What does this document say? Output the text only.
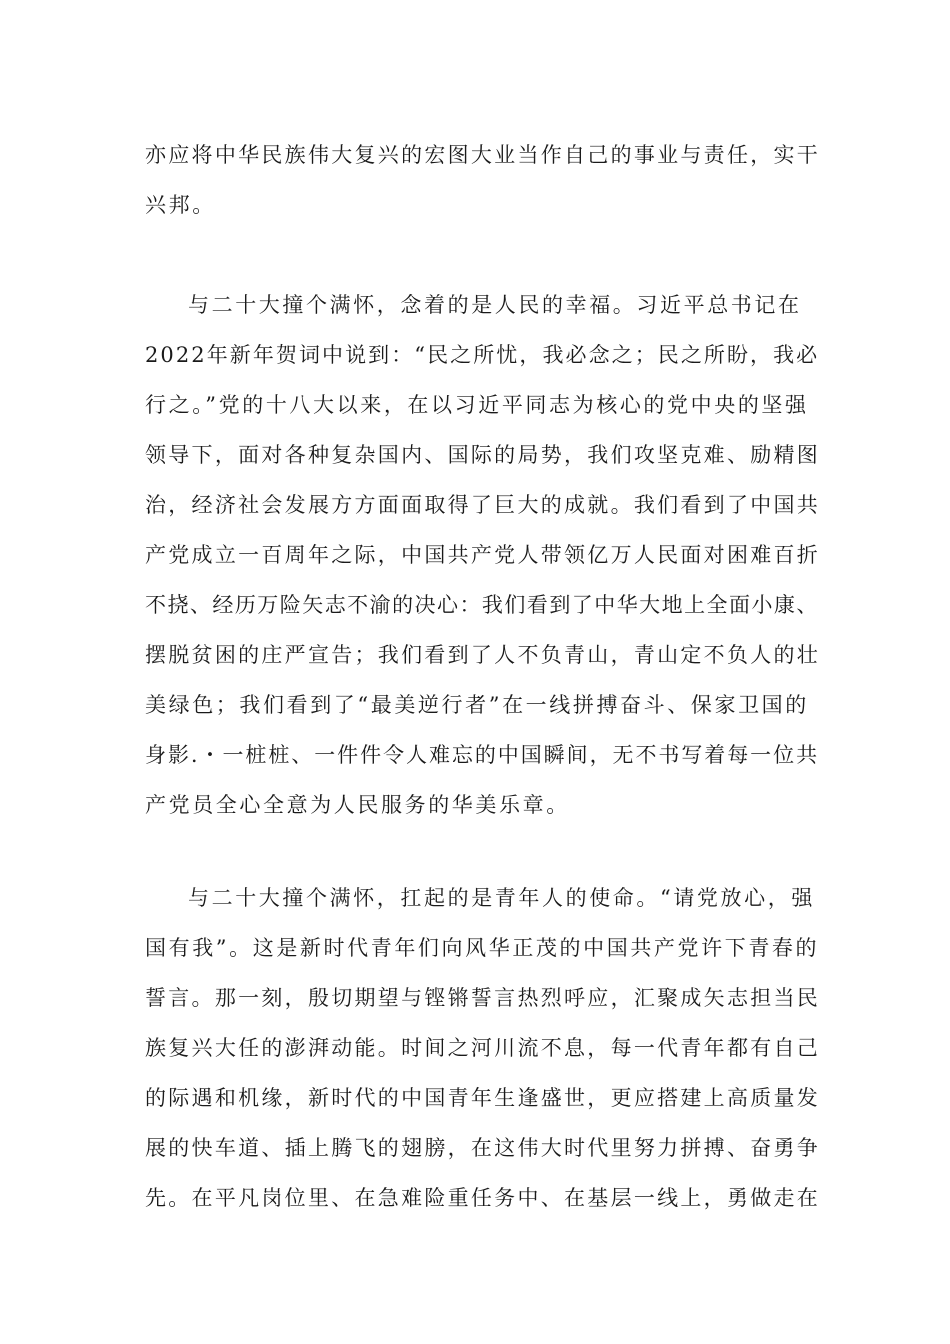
亦应将中华民族伟大复兴的宏图大业当作自己的事业与责任，实干

兴邦。

与二十大撞个满怀，念着的是人民的幸福。习近平总书记在

2022年新年贺词中说到：“民之所忧，我必念之；民之所盼，我必

行之。”党的十八大以来，在以习近平同志为核心的党中央的坚强

领导下，面对各种复杂国内、国际的局势，我们攻坚克难、励精图

治，经济社会发展方方面面取得了巨大的成就。我们看到了中国共

产党成立一百周年之际，中国共产党人带领亿万人民面对困难百折

不挠、经历万险矢志不渝的决心：我们看到了中华大地上全面小康、

摆脱贫困的庄严宣告；我们看到了人不负青山，青山定不负人的壮

美绿色；我们看到了“最美逆行者”在一线拼搏奋斗、保家卫国的

身影.・一桩桩、一件件令人难忘的中国瞬间，无不书写着每一位共

产党员全心全意为人民服务的华美乐章。

与二十大撞个满怀，扛起的是青年人的使命。“请党放心，强

国有我”。这是新时代青年们向风华正茂的中国共产党许下青春的

誓言。那一刻，殷切期望与铿锵誓言热烈呼应，汇聚成矢志担当民

族复兴大任的澎湃动能。时间之河川流不息，每一代青年都有自己

的际遇和机缘，新时代的中国青年生逢盛世，更应搭建上高质量发

展的快车道、插上腾飞的翅膀，在这伟大时代里努力拼搏、奋勇争

先。在平凡岗位里、在急难险重任务中、在基层一线上，勇做走在
